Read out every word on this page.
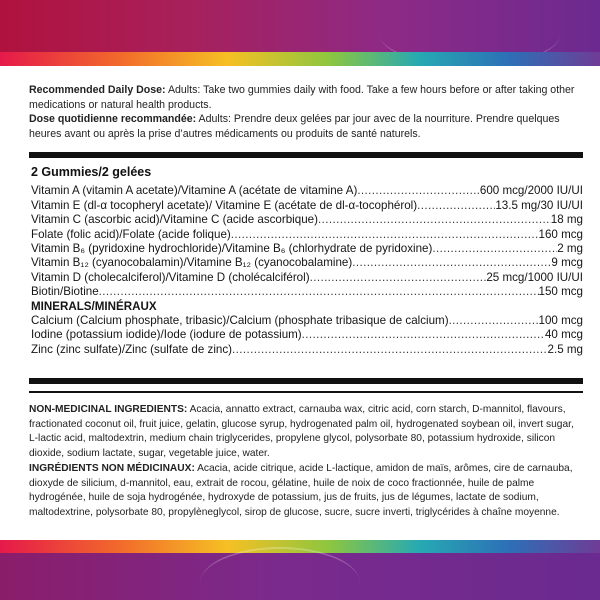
Recommended Daily Dose: Adults: Take two gummies daily with food. Take a few hours before or after taking other medications or natural health products.

Dose quotidienne recommandée: Adults: Prendre deux gelées par jour avec de la nourriture. Prendre quelques heures avant ou après la prise d’autres médicaments ou produits de santé naturels.

2 Gummies/2 gelées
Vitamin A (vitamin A acetate)/Vitamine A (acétate de vitamine A) .....	600 mcg/2000 IU/UI
Vitamin E (dl-α tocopheryl acetate)/ Vitamine E (acétate de dl-α-tocophérol) .....	13.5 mg/30 IU/UI
Vitamin C (ascorbic acid)/Vitamine C (acide ascorbique) .....	18 mg
Folate (folic acid)/Folate (acide folique) .....	160 mcg
Vitamin B₆ (pyridoxine hydrochloride)/Vitamine B₆ (chlorhydrate de pyridoxine) .....	2 mg
Vitamin B₁₂ (cyanocobalamin)/Vitamine B₁₂ (cyanocobalamine) .....	9 mcg
Vitamin D (cholecalciferol)/Vitamine D (cholécalciférol) .....	25 mcg/1000 IU/UI
Biotin/Biotine .....	150 mcg
MINERALS/MINÉRAUX
Calcium (Calcium phosphate, tribasic)/Calcium (phosphate tribasique de calcium) .....	100 mcg
Iodine (potassium iodide)/Iode (iodure de potassium) .....	40 mcg
Zinc (zinc sulfate)/Zinc (sulfate de zinc) .....	2.5 mg

NON-MEDICINAL INGREDIENTS: Acacia, annatto extract, carnauba wax, citric acid, corn starch, D-mannitol, flavours, fractionated coconut oil, fruit juice, gelatin, glucose syrup, hydrogenated palm oil, hydrogenated soybean oil, invert sugar, L-lactic acid, maltodextrin, medium chain triglycerides, propylene glycol, polysorbate 80, potassium hydroxide, silicon dioxide, sodium lactate, sugar, vegetable juice, water.

INGRÉDIENTS NON MÉDICINAUX: Acacia, acide citrique, acide L-lactique, amidon de maïs, arômes, cire de carnauba, dioxyde de silicium, d-mannitol, eau, extrait de rocou, gélatine, huile de noix de coco fractionnée, huile de palme hydrogénée, huile de soja hydrogénée, hydroxyde de potassium, jus de fruits, jus de légumes, lactate de sodium, maltodextrine, polysorbate 80, propylèneglycol, sirop de glucose, sucre, sucre inverti, triglycérides à chaîne moyenne.
